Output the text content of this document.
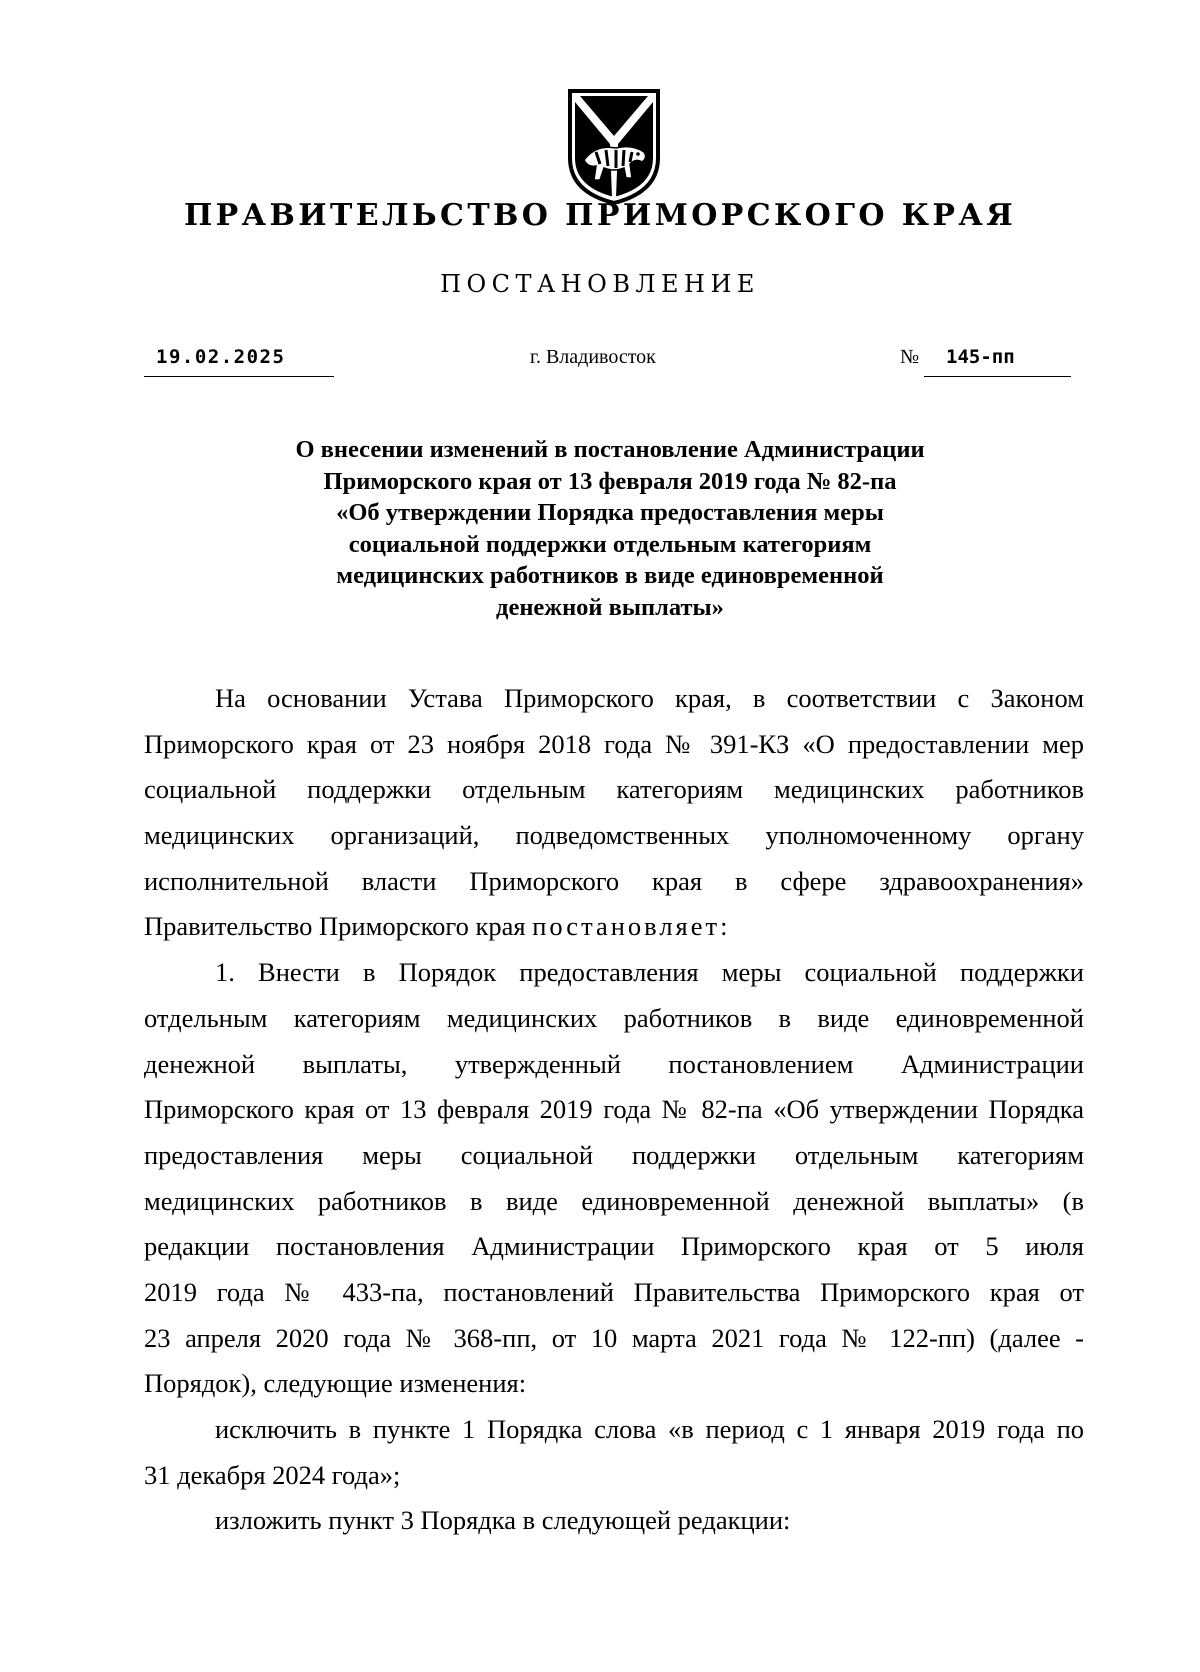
ПРАВИТЕЛЬСТВО ПРИМОРСКОГО КРАЯ
ПОСТАНОВЛЕНИЕ
19.02.2025	г. Владивосток	№ 145-пп
О внесении изменений в постановление Администрации
Приморского края от 13 февраля 2019 года № 82-па
«Об утверждении Порядка предоставления меры
социальной поддержки отдельным категориям
медицинских работников в виде единовременной
денежной выплаты»
На основании Устава Приморского края, в соответствии с Законом
Приморского края от 23 ноября 2018 года № 391-КЗ «О предоставлении мер
социальной поддержки отдельным категориям медицинских работников
медицинских организаций, подведомственных уполномоченному органу
исполнительной власти Приморского края в сфере здравоохранения»
Правительство Приморского края постановляет:
1. Внести в Порядок предоставления меры социальной поддержки
отдельным категориям медицинских работников в виде единовременной
денежной выплаты, утвержденный постановлением Администрации
Приморского края от 13 февраля 2019 года № 82-па «Об утверждении Порядка
предоставления меры социальной поддержки отдельным категориям
медицинских работников в виде единовременной денежной выплаты» (в
редакции постановления Администрации Приморского края от 5 июля
2019 года № 433-па, постановлений Правительства Приморского края от
23 апреля 2020 года № 368-пп, от 10 марта 2021 года № 122-пп) (далее -
Порядок), следующие изменения:
исключить в пункте 1 Порядка слова «в период с 1 января 2019 года по
31 декабря 2024 года»;
изложить пункт 3 Порядка в следующей редакции:
